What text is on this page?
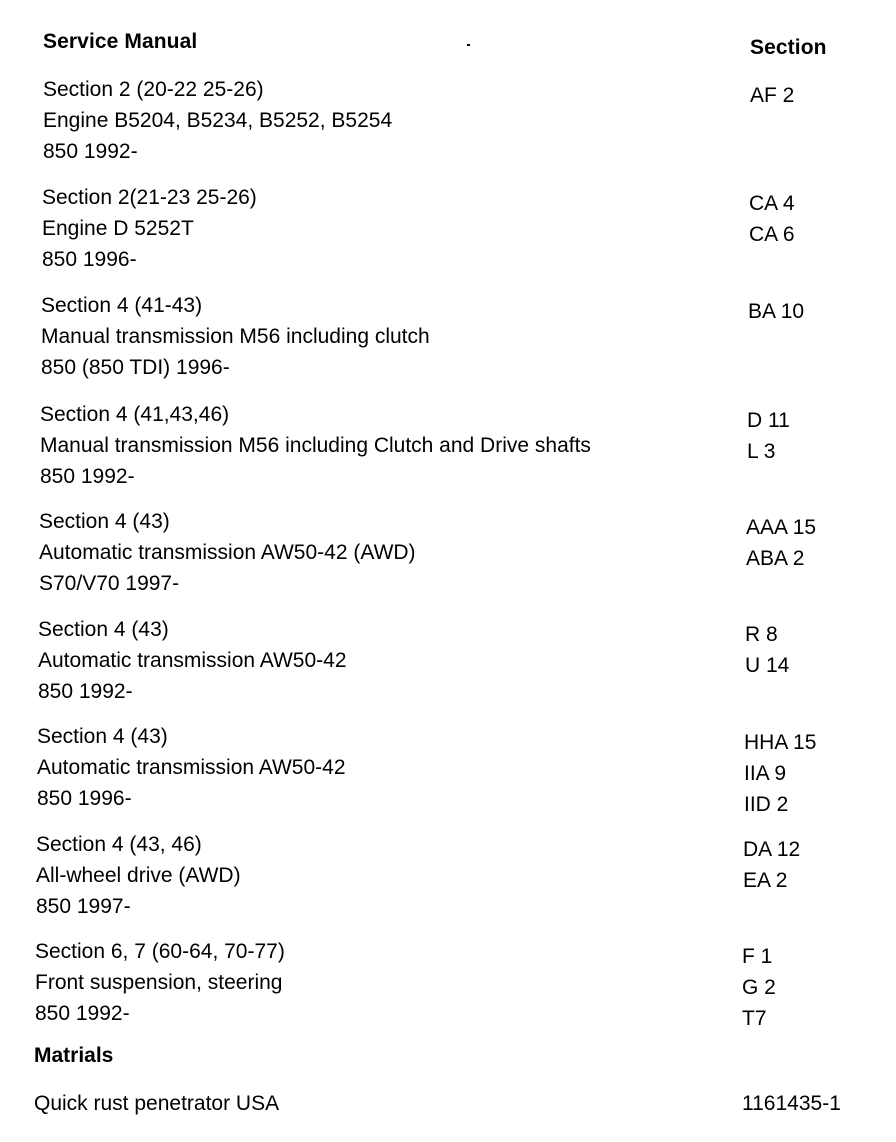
Service Manual	Section
Section 2 (20-22 25-26)
Engine B5204, B5234, B5252, B5254
850 1992-
AF 2
Section 2(21-23 25-26)
Engine D 5252T
850 1996-
CA 4
CA 6
Section 4 (41-43)
Manual transmission M56 including clutch
850 (850 TDI) 1996-
BA 10
Section 4 (41,43,46)
Manual transmission M56 including Clutch and Drive shafts
850 1992-
D 11
L 3
Section 4 (43)
Automatic transmission AW50-42 (AWD)
S70/V70 1997-
AAA 15
ABA 2
Section 4 (43)
Automatic transmission AW50-42
850 1992-
R 8
U 14
Section 4 (43)
Automatic transmission AW50-42
850 1996-
HHA 15
IIA 9
IID 2
Section 4 (43, 46)
All-wheel drive (AWD)
850 1997-
DA 12
EA 2
Section 6, 7 (60-64, 70-77)
Front suspension, steering
850 1992-
F 1
G 2
T7
Matrials
Quick rust penetrator USA	1161435-1
